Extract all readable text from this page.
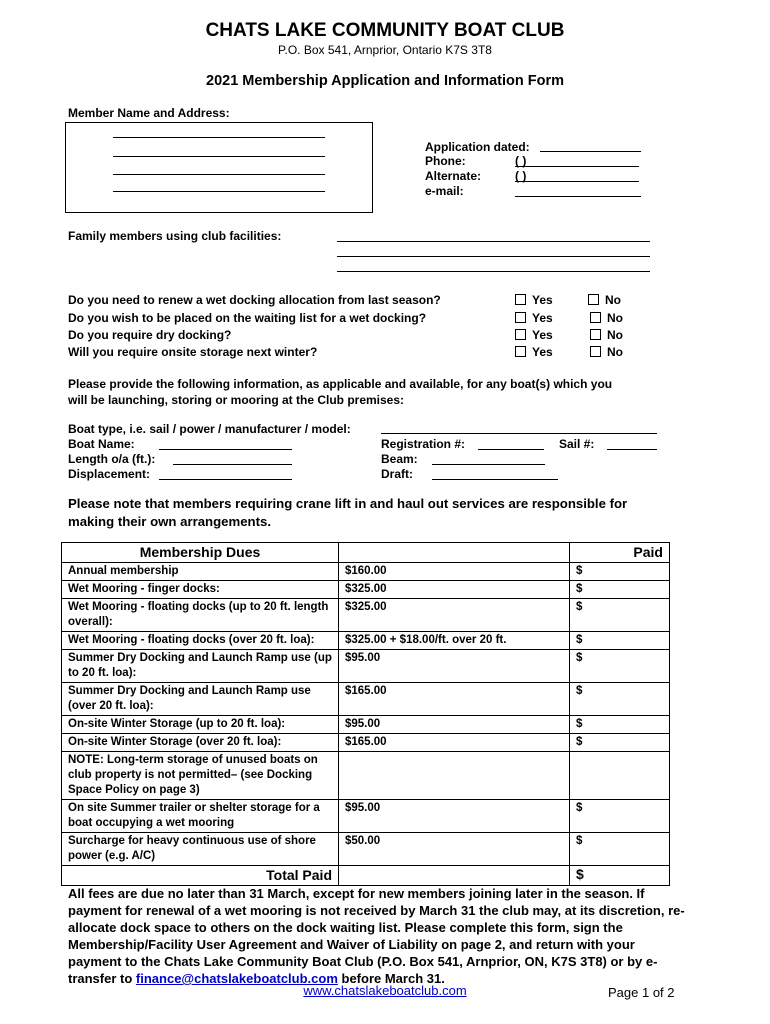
CHATS LAKE COMMUNITY BOAT CLUB
P.O. Box 541, Arnprior, Ontario K7S 3T8
2021 Membership Application and Information Form
Member Name and Address:
Application dated:
Phone:	( )
Alternate:	( )
e-mail:
Family members using club facilities:
Do you need to renew a wet docking allocation from last season?	Yes	No
Do you wish to be placed on the waiting list for a wet docking?	Yes	No
Do you require dry docking?	Yes	No
Will you require onsite storage next winter?	Yes	No
Please provide the following information, as applicable and available, for any boat(s) which you
will be launching, storing or mooring at the Club premises:
Boat type, i.e. sail / power / manufacturer / model:
Boat Name:	Registration #:	Sail #:
Length o/a (ft.):	Beam:
Displacement:	Draft:
Please note that members requiring crane lift in and haul out services are responsible for
making their own arrangements.
Membership Dues		Paid
Annual membership	$160.00	$
Wet Mooring - finger docks:	$325.00	$
Wet Mooring - floating docks (up to 20 ft. length overall):	$325.00	$
Wet Mooring - floating docks (over 20 ft. loa):	$325.00 + $18.00/ft. over 20 ft.	$
Summer Dry Docking and Launch Ramp use (up to 20 ft. loa):	$95.00	$
Summer Dry Docking and Launch Ramp use (over 20 ft. loa):	$165.00	$
On-site Winter Storage (up to 20 ft. loa):	$95.00	$
On-site Winter Storage (over 20 ft. loa):	$165.00	$
NOTE: Long-term storage of unused boats on club property is not permitted– (see Docking Space Policy on page 3)		
On site Summer trailer or shelter storage for a boat occupying a wet mooring	$95.00	$
Surcharge for heavy continuous use of shore power (e.g. A/C)	$50.00	$
Total Paid		$
All fees are due no later than 31 March, except for new members joining later in the season. If payment for renewal of a wet mooring is not received by March 31 the club may, at its discretion, re-allocate dock space to others on the dock waiting list. Please complete this form, sign the Membership/Facility User Agreement and Waiver of Liability on page 2, and return with your payment to the Chats Lake Community Boat Club (P.O. Box 541, Arnprior, ON, K7S 3T8) or by e-transfer to finance@chatslakeboatclub.com before March 31.
www.chatslakeboatclub.com	Page 1 of 2
